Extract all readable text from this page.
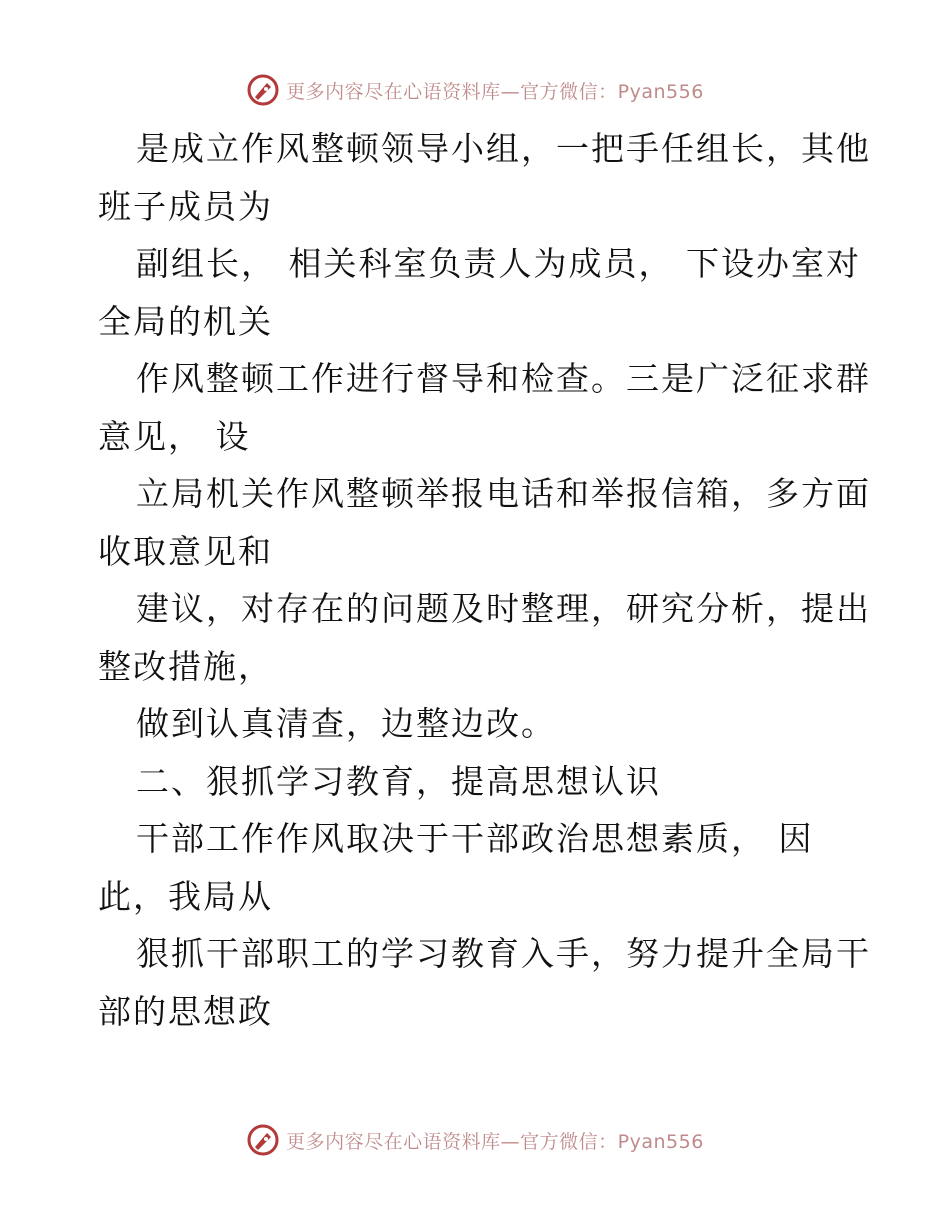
更多内容尽在心语资料库—官方微信：Pyan556
是成立作风整顿领导小组，一把手任组长，其他
班子成员为
副组长， 相关科室负责人为成员， 下设办室对
全局的机关
作风整顿工作进行督导和检查。三是广泛征求群
意见， 设
立局机关作风整顿举报电话和举报信箱，多方面
收取意见和
建议，对存在的问题及时整理，研究分析，提出
整改措施，
做到认真清查，边整边改。
二、狠抓学习教育，提高思想认识
干部工作作风取决于干部政治思想素质， 因
此，我局从
狠抓干部职工的学习教育入手，努力提升全局干
部的思想政
更多内容尽在心语资料库—官方微信：Pyan556
